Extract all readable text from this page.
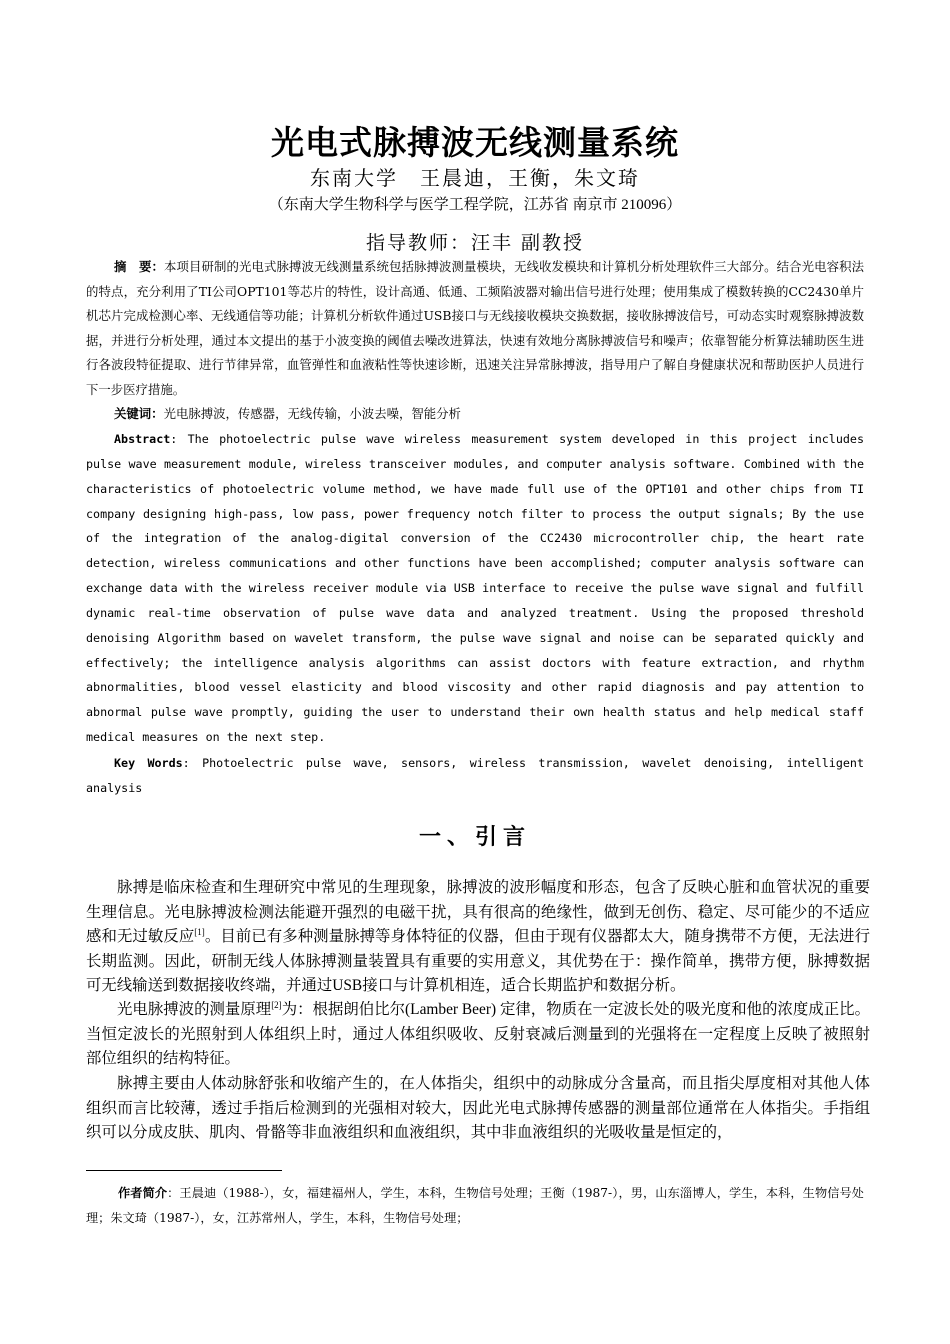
光电式脉搏波无线测量系统
东南大学　王晨迪，王衡，朱文琦
（东南大学生物科学与医学工程学院，江苏省 南京市 210096）
指导教师：汪丰 副教授
摘　要：本项目研制的光电式脉搏波无线测量系统包括脉搏波测量模块，无线收发模块和计算机分析处理软件三大部分。结合光电容积法的特点，充分利用了TI公司OPT101等芯片的特性，设计高通、低通、工频陷波器对输出信号进行处理；使用集成了模数转换的CC2430单片机芯片完成检测心率、无线通信等功能；计算机分析软件通过USB接口与无线接收模块交换数据，接收脉搏波信号，可动态实时观察脉搏波数据，并进行分析处理，通过本文提出的基于小波变换的阈值去噪改进算法，快速有效地分离脉搏波信号和噪声；依靠智能分析算法辅助医生进行各波段特征提取、进行节律异常，血管弹性和血液粘性等快速诊断，迅速关注异常脉搏波，指导用户了解自身健康状况和帮助医护人员进行下一步医疗措施。
关键词：光电脉搏波，传感器，无线传输，小波去噪，智能分析
Abstract: The photoelectric pulse wave wireless measurement system developed in this project includes pulse wave measurement module, wireless transceiver modules, and computer analysis software. Combined with the characteristics of photoelectric volume method, we have made full use of the OPT101 and other chips from TI company designing high-pass, low pass, power frequency notch filter to process the output signals; By the use of the integration of the analog-digital conversion of the CC2430 microcontroller chip, the heart rate detection, wireless communications and other functions have been accomplished; computer analysis software can exchange data with the wireless receiver module via USB interface to receive the pulse wave signal and fulfill dynamic real-time observation of pulse wave data and analyzed treatment. Using the proposed threshold denoising Algorithm based on wavelet transform, the pulse wave signal and noise can be separated quickly and effectively; the intelligence analysis algorithms can assist doctors with feature extraction, and rhythm abnormalities, blood vessel elasticity and blood viscosity and other rapid diagnosis and pay attention to abnormal pulse wave promptly, guiding the user to understand their own health status and help medical staff medical measures on the next step.
Key Words: Photoelectric pulse wave, sensors, wireless transmission, wavelet denoising, intelligent analysis
一、引言
脉搏是临床检查和生理研究中常见的生理现象，脉搏波的波形幅度和形态，包含了反映心脏和血管状况的重要生理信息。光电脉搏波检测法能避开强烈的电磁干扰，具有很高的绝缘性，做到无创伤、稳定、尽可能少的不适应感和无过敏反应[1]。目前已有多种测量脉搏等身体特征的仪器，但由于现有仪器都太大，随身携带不方便，无法进行长期监测。因此，研制无线人体脉搏测量装置具有重要的实用意义，其优势在于：操作简单，携带方便，脉搏数据可无线输送到数据接收终端，并通过USB接口与计算机相连，适合长期监护和数据分析。
光电脉搏波的测量原理[2]为：根据朗伯比尔(Lamber Beer) 定律，物质在一定波长处的吸光度和他的浓度成正比。当恒定波长的光照射到人体组织上时，通过人体组织吸收、反射衰减后测量到的光强将在一定程度上反映了被照射部位组织的结构特征。
脉搏主要由人体动脉舒张和收缩产生的，在人体指尖，组织中的动脉成分含量高，而且指尖厚度相对其他人体组织而言比较薄，透过手指后检测到的光强相对较大，因此光电式脉搏传感器的测量部位通常在人体指尖。手指组织可以分成皮肤、肌肉、骨骼等非血液组织和血液组织，其中非血液组织的光吸收量是恒定的，
作者简介：王晨迪（1988-），女，福建福州人，学生，本科，生物信号处理；王衡（1987-），男，山东淄博人，学生，本科，生物信号处理；朱文琦（1987-），女，江苏常州人，学生，本科，生物信号处理；
